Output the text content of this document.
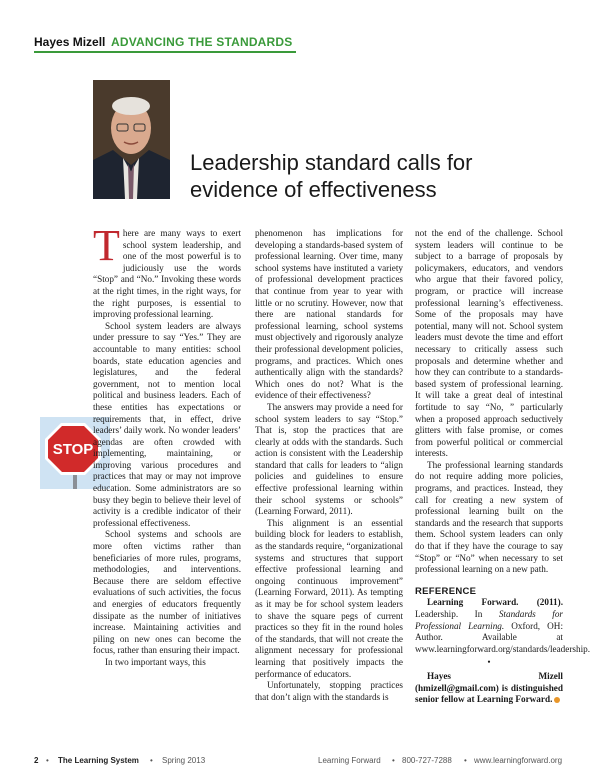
Hayes Mizell ADVANCING THE STANDARDS
Leadership standard calls for
evidence of effectiveness
STOP

There are many ways to exert school system leadership, and one of the most powerful is to judiciously use the words “Stop” and “No.” Invoking these words at the right times, in the right ways, for the right purposes, is essential to improving professional learning.

School system leaders are always under pressure to say “Yes.” They are accountable to many entities: school boards, state education agencies and legislatures, and the federal government, not to mention local political and business leaders. Each of these entities has expectations or requirements that, in effect, drive leaders’ daily work. No wonder leaders’ agendas are often crowded with implementing, maintaining, or improving various procedures and practices that may or may not improve education. Some administrators are so busy they begin to believe their level of activity is a credible indicator of their professional effectiveness.

School systems and schools are more often victims rather than beneficiaries of more rules, programs, methodologies, and interventions. Because there are seldom effective evaluations of such activities, the focus and energies of educators frequently dissipate as the number of initiatives increase. Maintaining activities and piling on new ones can become the focus, rather than ensuring their impact.

In two important ways, this

phenomenon has implications for developing a standards-based system of professional learning. Over time, many school systems have instituted a variety of professional development practices that continue from year to year with little or no scrutiny. However, now that there are national standards for professional learning, school systems must objectively and rigorously analyze their professional development policies, programs, and practices. Which ones authentically align with the standards? Which ones do not? What is the evidence of their effectiveness?

The answers may provide a need for school system leaders to say “Stop.” That is, stop the practices that are clearly at odds with the standards. Such action is consistent with the Leadership standard that calls for leaders to “align policies and guidelines to ensure effective professional learning within their school systems or schools” (Learning Forward, 2011).

This alignment is an essential building block for leaders to establish, as the standards require, “organizational systems and structures that support effective professional learning and ongoing continuous improvement” (Learning Forward, 2011). As tempting as it may be for school system leaders to shave the square pegs of current practices so they fit in the round holes of the standards, that will not create the alignment necessary for professional learning that positively impacts the performance of educators.

Unfortunately, stopping practices that don’t align with the standards is

not the end of the challenge. School system leaders will continue to be subject to a barrage of proposals by policymakers, educators, and vendors who argue that their favored policy, program, or practice will increase professional learning’s effectiveness. Some of the proposals may have potential, many will not. School system leaders must devote the time and effort necessary to critically assess such proposals and determine whether and how they can contribute to a standards-based system of professional learning. It will take a great deal of intestinal fortitude to say “No, ” particularly when a proposed approach seductively glitters with false promise, or comes from powerful political or commercial interests.

The professional learning standards do not require adding more policies, programs, and practices. Instead, they call for creating a new system of professional learning built on the standards and the research that supports them. School system leaders can only do that if they have the courage to say “Stop” or “No” when necessary to set professional learning on a new path.

REFERENCE

Learning Forward. (2011). Leadership. In Standards for Professional Learning. Oxford, OH: Author. Available at www.learningforward.org/standards/leadership.

•

Hayes Mizell (hmizell@gmail.com) is distinguished senior fellow at Learning Forward.

2 • The Learning System • Spring 2013	Learning Forward • 800-727-7288 • www.learningforward.org
